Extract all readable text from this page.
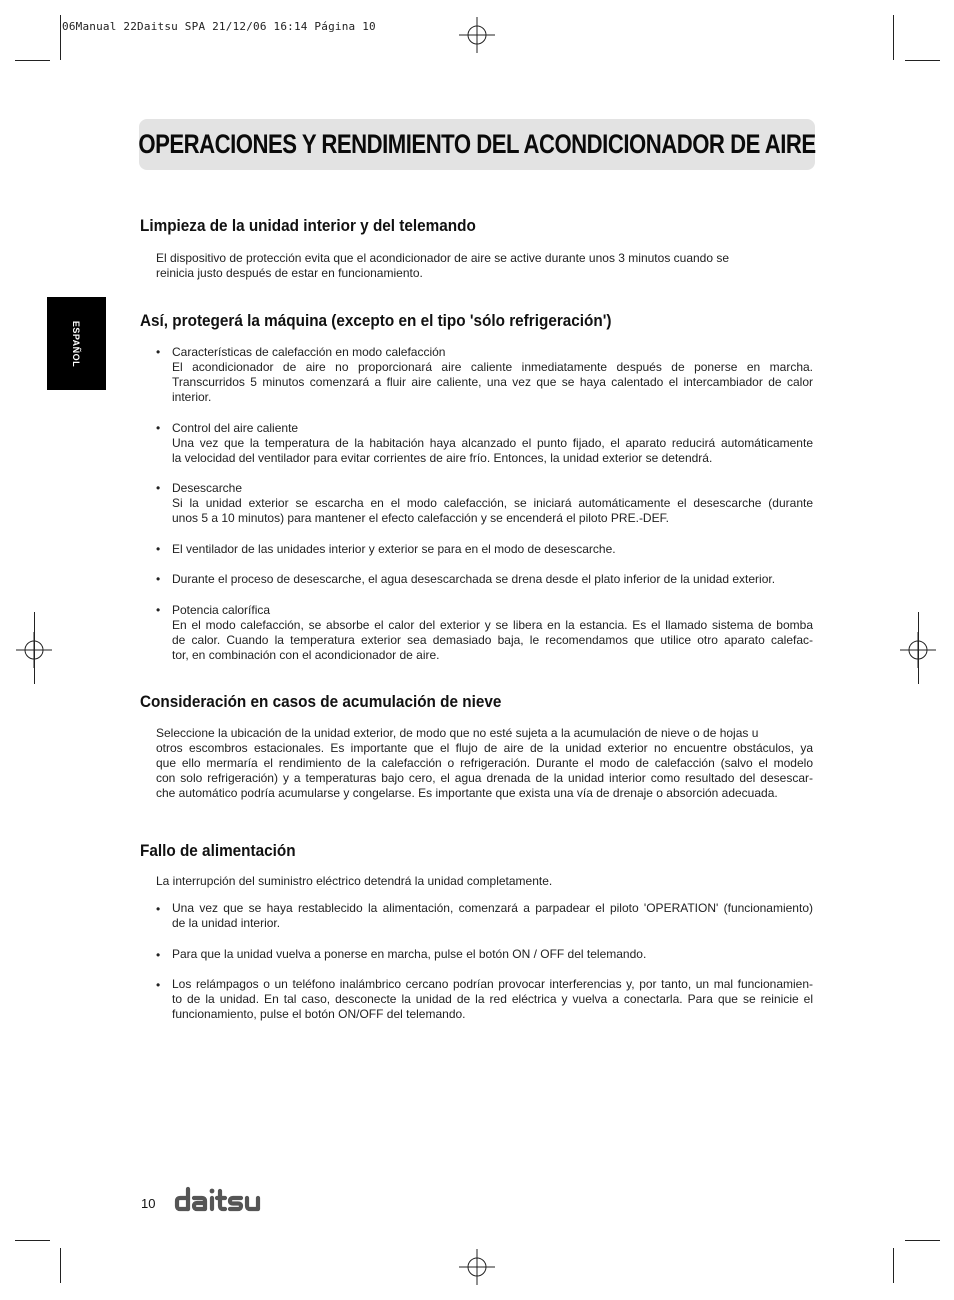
06Manual 22Daitsu SPA 21/12/06 16:14 Página 10
OPERACIONES Y RENDIMIENTO DEL ACONDICIONADOR DE AIRE
ESPAÑOL
Limpieza de la unidad interior y del telemando
El dispositivo de protección evita que el acondicionador de aire se active durante unos 3 minutos cuando se
reinicia justo después de estar en funcionamiento.
Así, protegerá la máquina (excepto en el tipo 'sólo refrigeración')
• Características de calefacción en modo calefacción
El acondicionador de aire no proporcionará aire caliente inmediatamente después de ponerse en marcha.
Transcurridos 5 minutos comenzará a fluir aire caliente, una vez que se haya calentado el intercambiador de calor
interior.
• Control del aire caliente
Una vez que la temperatura de la habitación haya alcanzado el punto fijado, el aparato reducirá automáticamente
la velocidad del ventilador para evitar corrientes de aire frío. Entonces, la unidad exterior se detendrá.
• Desescarche
Si la unidad exterior se escarcha en el modo calefacción, se iniciará automáticamente el desescarche (durante
unos 5 a 10 minutos) para mantener el efecto calefacción y se encenderá el piloto PRE.-DEF.
• El ventilador de las unidades interior y exterior se para en el modo de desescarche.
• Durante el proceso de desescarche, el agua desescarchada se drena desde el plato inferior de la unidad exterior.
• Potencia calorífica
En el modo calefacción, se absorbe el calor del exterior y se libera en la estancia. Es el llamado sistema de bomba
de calor. Cuando la temperatura exterior sea demasiado baja, le recomendamos que utilice otro aparato calefac-
tor, en combinación con el acondicionador de aire.
Consideración en casos de acumulación de nieve
Seleccione la ubicación de la unidad exterior, de modo que no esté sujeta a la acumulación de nieve o de hojas u
otros escombros estacionales. Es importante que el flujo de aire de la unidad exterior no encuentre obstáculos, ya
que ello mermaría el rendimiento de la calefacción o refrigeración. Durante el modo de calefacción (salvo el modelo
con solo refrigeración) y a temperaturas bajo cero, el agua drenada de la unidad interior como resultado del desescar-
che automático podría acumularse y congelarse. Es importante que exista una vía de drenaje o absorción adecuada.
Fallo de alimentación
La interrupción del suministro eléctrico detendrá la unidad completamente.
• Una vez que se haya restablecido la alimentación, comenzará a parpadear el piloto 'OPERATION' (funcionamiento)
de la unidad interior.
• Para que la unidad vuelva a ponerse en marcha, pulse el botón ON / OFF del telemando.
• Los relámpagos o un teléfono inalámbrico cercano podrían provocar interferencias y, por tanto, un mal funcionamien-
to de la unidad. En tal caso, desconecte la unidad de la red eléctrica y vuelva a conectarla. Para que se reinicie el
funcionamiento, pulse el botón ON/OFF del telemando.
10
